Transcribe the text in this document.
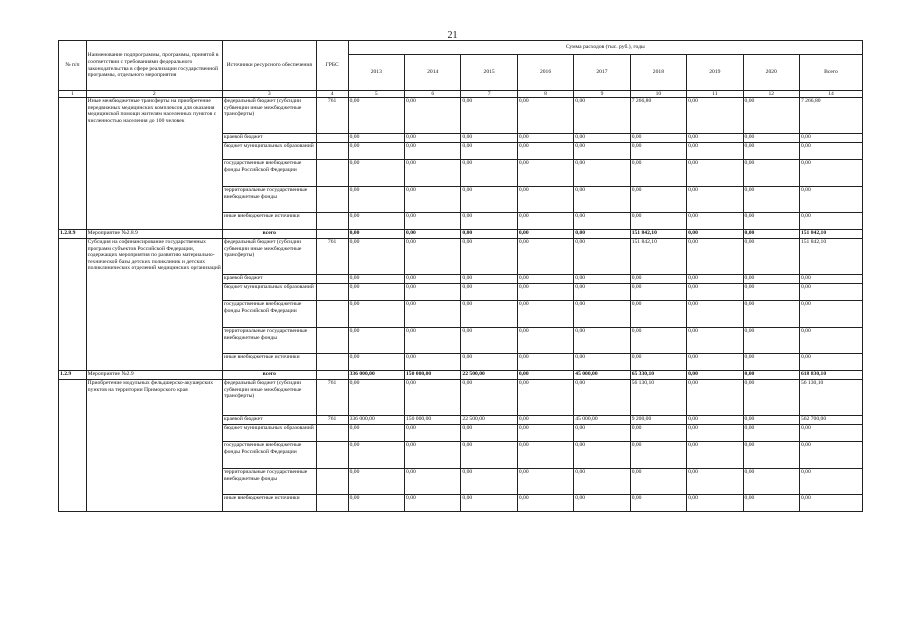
21
№ п/п	Наименование подпрограммы, программы, принятой в соответствии с требованиями федерального законодательства в сфере реализации государственной программы, отдельного мероприятия	Источники ресурсного обеспечения	ГРБС	Сумма расходов (тыс. руб.), годы								
				2013	2014	2015	2016	2017	2018	2019	2020	Всего
1	2	3	4	5	6	7	8	9	10	11	12	14
	Иные межбюджетные трансферты на приобретение передвижных медицинских комплексов для оказания медицинской помощи жителям населенных пунктов с численностью населения до 100 человек	федеральный бюджет (субсидии субвенции иные межбюджетные трансферты)	761	0,00	0,00	0,00	0,00	0,00	7 266,80	0,00	0,00	7 266,80
		краевой бюджет		0,00	0,00	0,00	0,00	0,00	0,00	0,00	0,00	0,00
		бюджет муниципальных образований		0,00	0,00	0,00	0,00	0,00	0,00	0,00	0,00	0,00
		государственные внебюджетные фонды Российской Федерации		0,00	0,00	0,00	0,00	0,00	0,00	0,00	0,00	0,00
		территориальные государственные внебюджетные фонды		0,00	0,00	0,00	0,00	0,00	0,00	0,00	0,00	0,00
		иные внебюджетные источники		0,00	0,00	0,00	0,00	0,00	0,00	0,00	0,00	0,00
1.2.8.9	Мероприятие №2.8.9	всего		0,00	0,00	0,00	0,00	0,00	151 842,10	0,00	0,00	151 842,10
	Субсидия на софинансирование государственных программ субъектов Российской Федерации, содержащих мероприятия по развитию материально-технической базы детских поликлиник и детских поликлинических отделений медицинских организаций	федеральный бюджет (субсидии субвенции иные межбюджетные трансферты)	761	0,00	0,00	0,00	0,00	0,00	151 842,10	0,00	0,00	151 842,10
		краевой бюджет		0,00	0,00	0,00	0,00	0,00	0,00	0,00	0,00	0,00
		бюджет муниципальных образований		0,00	0,00	0,00	0,00	0,00	0,00	0,00	0,00	0,00
		государственные внебюджетные фонды Российской Федерации		0,00	0,00	0,00	0,00	0,00	0,00	0,00	0,00	0,00
		территориальные государственные внебюджетные фонды		0,00	0,00	0,00	0,00	0,00	0,00	0,00	0,00	0,00
		иные внебюджетные источники		0,00	0,00	0,00	0,00	0,00	0,00	0,00	0,00	0,00
1.2.9	Мероприятие №2.9	всего		336 000,00	150 000,00	22 500,00	0,00	45 000,00	65 330,10	0,00	0,00	618 830,10
	Приобретение модульных фельдшерско-акушерских пунктов на территории Приморского края	федеральный бюджет (субсидии субвенции иные межбюджетные трансферты)	761	0,00	0,00	0,00	0,00	0,00	56 130,10	0,00	0,00	56 130,10
		краевой бюджет	761	336 000,00	150 000,00	22 500,00	0,00	45 000,00	9 200,00	0,00	0,00	562 700,00
		бюджет муниципальных образований		0,00	0,00	0,00	0,00	0,00	0,00	0,00	0,00	0,00
		государственные внебюджетные фонды Российской Федерации		0,00	0,00	0,00	0,00	0,00	0,00	0,00	0,00	0,00
		территориальные государственные внебюджетные фонды		0,00	0,00	0,00	0,00	0,00	0,00	0,00	0,00	0,00
		иные внебюджетные источники		0,00	0,00	0,00	0,00	0,00	0,00	0,00	0,00	0,00
